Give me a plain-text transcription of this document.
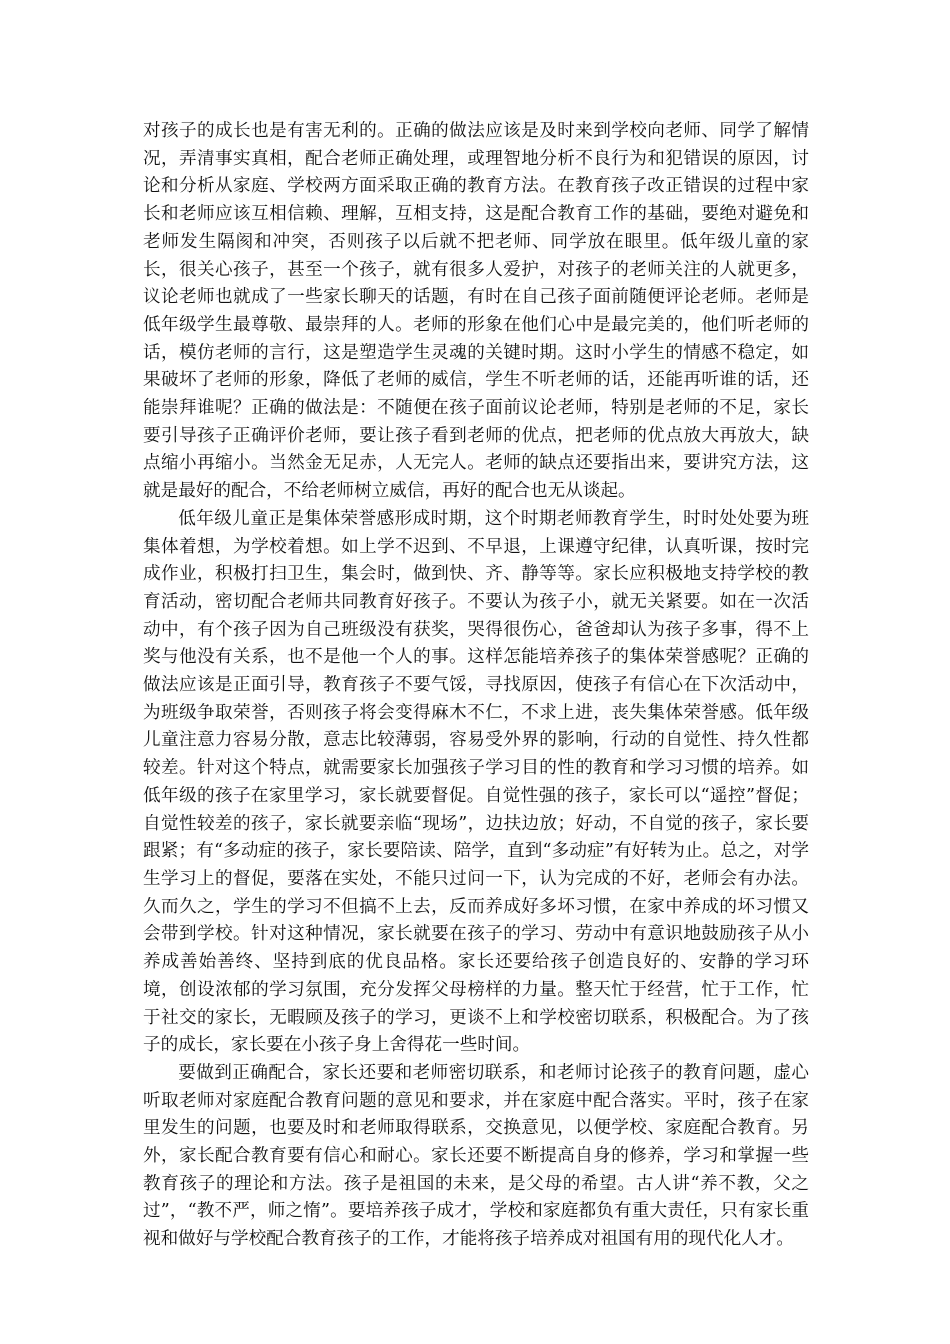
对孩子的成长也是有害无利的。正确的做法应该是及时来到学校向老师、同学了解情况，弄清事实真相，配合老师正确处理，或理智地分析不良行为和犯错误的原因，讨论和分析从家庭、学校两方面采取正确的教育方法。在教育孩子改正错误的过程中家长和老师应该互相信赖、理解，互相支持，这是配合教育工作的基础，要绝对避免和老师发生隔阂和冲突，否则孩子以后就不把老师、同学放在眼里。低年级儿童的家长，很关心孩子，甚至一个孩子，就有很多人爱护，对孩子的老师关注的人就更多，议论老师也就成了一些家长聊天的话题，有时在自己孩子面前随便评论老师。老师是低年级学生最尊敬、最崇拜的人。老师的形象在他们心中是最完美的，他们听老师的话，模仿老师的言行，这是塑造学生灵魂的关键时期。这时小学生的情感不稳定，如果破坏了老师的形象，降低了老师的威信，学生不听老师的话，还能再听谁的话，还能崇拜谁呢？正确的做法是：不随便在孩子面前议论老师，特别是老师的不足，家长要引导孩子正确评价老师，要让孩子看到老师的优点，把老师的优点放大再放大，缺点缩小再缩小。当然金无足赤，人无完人。老师的缺点还要指出来，要讲究方法，这就是最好的配合，不给老师树立威信，再好的配合也无从谈起。

低年级儿童正是集体荣誉感形成时期，这个时期老师教育学生，时时处处要为班集体着想，为学校着想。如上学不迟到、不早退，上课遵守纪律，认真听课，按时完成作业，积极打扫卫生，集会时，做到快、齐、静等等。家长应积极地支持学校的教育活动，密切配合老师共同教育好孩子。不要认为孩子小，就无关紧要。如在一次活动中，有个孩子因为自己班级没有获奖，哭得很伤心，爸爸却认为孩子多事，得不上奖与他没有关系，也不是他一个人的事。这样怎能培养孩子的集体荣誉感呢？正确的做法应该是正面引导，教育孩子不要气馁，寻找原因，使孩子有信心在下次活动中，为班级争取荣誉，否则孩子将会变得麻木不仁，不求上进，丧失集体荣誉感。低年级儿童注意力容易分散，意志比较薄弱，容易受外界的影响，行动的自觉性、持久性都较差。针对这个特点，就需要家长加强孩子学习目的性的教育和学习习惯的培养。如低年级的孩子在家里学习，家长就要督促。自觉性强的孩子，家长可以“遥控”督促；自觉性较差的孩子，家长就要亲临“现场”，边扶边放；好动，不自觉的孩子，家长要跟紧；有“多动症的孩子，家长要陪读、陪学，直到“多动症”有好转为止。总之，对学生学习上的督促，要落在实处，不能只过问一下，认为完成的不好，老师会有办法。久而久之，学生的学习不但搞不上去，反而养成好多坏习惯，在家中养成的坏习惯又会带到学校。针对这种情况，家长就要在孩子的学习、劳动中有意识地鼓励孩子从小养成善始善终、坚持到底的优良品格。家长还要给孩子创造良好的、安静的学习环境，创设浓郁的学习氛围，充分发挥父母榜样的力量。整天忙于经营，忙于工作，忙于社交的家长，无暇顾及孩子的学习，更谈不上和学校密切联系，积极配合。为了孩子的成长，家长要在小孩子身上舍得花一些时间。

要做到正确配合，家长还要和老师密切联系，和老师讨论孩子的教育问题，虚心听取老师对家庭配合教育问题的意见和要求，并在家庭中配合落实。平时，孩子在家里发生的问题，也要及时和老师取得联系，交换意见，以便学校、家庭配合教育。另外，家长配合教育要有信心和耐心。家长还要不断提高自身的修养，学习和掌握一些教育孩子的理论和方法。孩子是祖国的未来，是父母的希望。古人讲“养不教，父之过”，“教不严，师之惰”。要培养孩子成才，学校和家庭都负有重大责任，只有家长重视和做好与学校配合教育孩子的工作，才能将孩子培养成对祖国有用的现代化人才。
